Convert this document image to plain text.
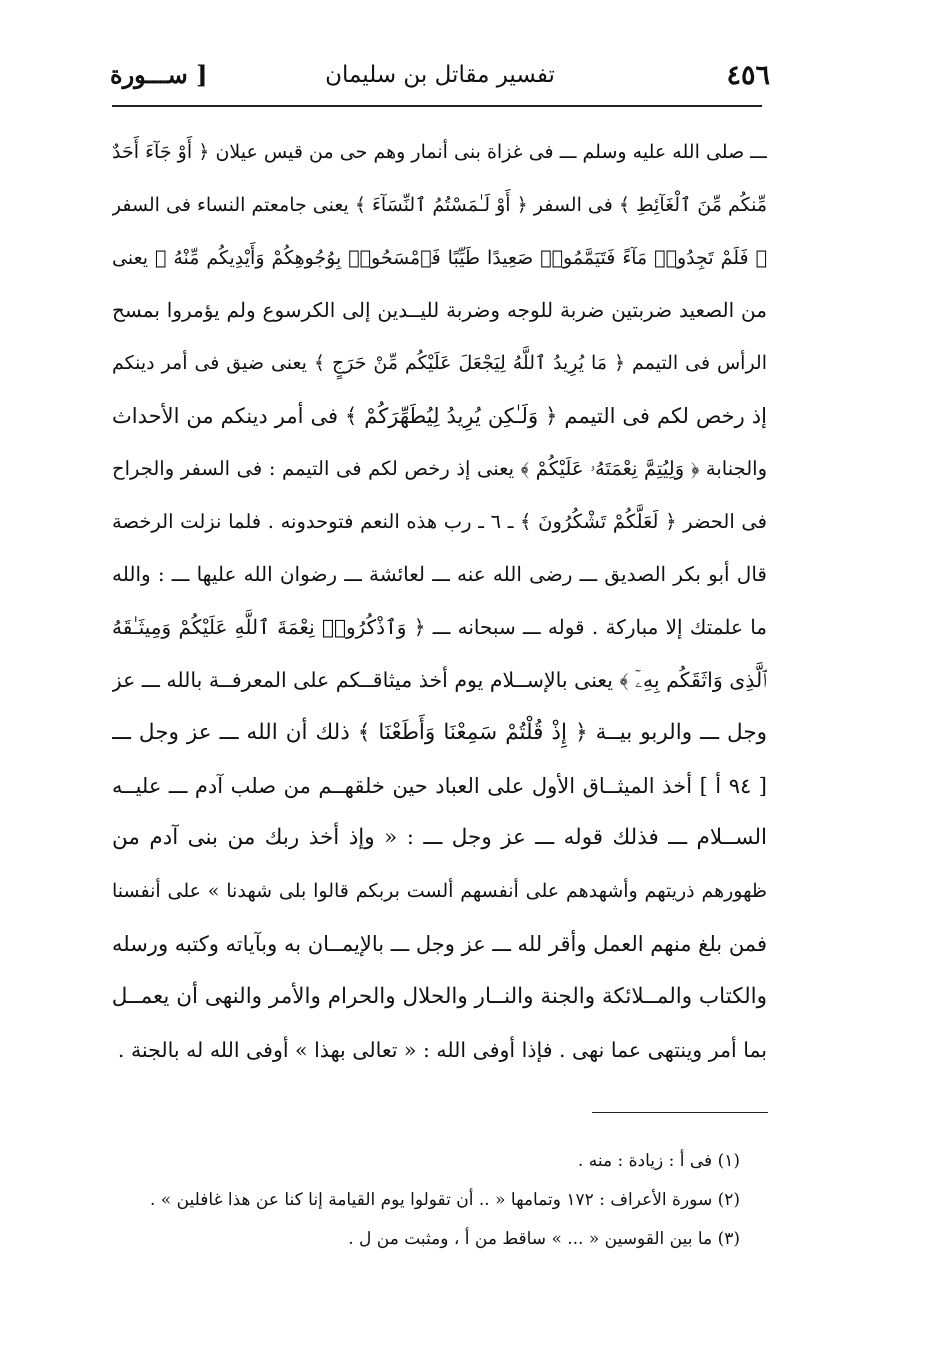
٤٥٦
تفسير مقاتل بن سليمان
[ ســـورة
ـــ صلى الله عليه وسلم ـــ فى غزاة بنى أنمار وهم حى من قيس عيلان ﴿ أَوْ جَآءَ أَحَدٌ
مِّنكُم مِّنَ ٱلْغَآئِطِ ﴾ فى السفر ﴿ أَوْ لَـٰمَسْتُمُ ٱلنِّسَآءَ ﴾ يعنى جامعتم النساء فى السفر
﴿ فَلَمْ تَجِدُوا۟ مَآءً فَتَيَمَّمُوا۟ صَعِيدًا طَيِّبًا فَٱمْسَحُوا۟ بِوُجُوهِكُمْ وَأَيْدِيكُم مِّنْهُ ﴾ يعنى
من الصعيد ضربتين ضربة للوجه وضربة لليــدين إلى الكرسوع ولم يؤمروا بمسح
الرأس فى التيمم ﴿ مَا يُرِيدُ ٱللَّهُ لِيَجْعَلَ عَلَيْكُم مِّنْ حَرَجٍ ﴾ يعنى ضيق فى أمر دينكم
إذ رخص لكم فى التيمم ﴿ وَلَـٰكِن يُرِيدُ لِيُطَهِّرَكُمْ ﴾ فى أمر دينكم من الأحداث
والجنابة ﴿ وَلِيُتِمَّ نِعْمَتَهُۥ عَلَيْكُمْ ﴾ يعنى إذ رخص لكم فى التيمم : فى السفر والجراح
فى الحضر ﴿ لَعَلَّكُمْ تَشْكُرُونَ ﴾ ـ ٦ ـ رب هذه النعم فتوحدونه . فلما نزلت الرخصة
قال أبو بكر الصديق ـــ رضى الله عنه ـــ لعائشة ـــ رضوان الله عليها ـــ : والله
ما علمتك إلا مباركة . قوله ـــ سبحانه ـــ ﴿ وَٱذْكُرُوا۟ نِعْمَةَ ٱللَّهِ عَلَيْكُمْ وَمِيثَـٰقَهُ
ٱلَّذِى وَاثَقَكُم بِهِۦٓ ﴾ يعنى بالإســلام يوم أخذ ميثاقــكم على المعرفــة بالله ـــ عز
وجل ـــ والربو بيــة ﴿ إِذْ قُلْتُمْ سَمِعْنَا وَأَطَعْنَا ﴾ ذلك أن الله ـــ عز وجل ـــ
[ ٩٤ أ ] أخذ الميثــاق الأول على العباد حين خلقهــم من صلب آدم ـــ عليــه
الســلام ـــ فذلك قوله ـــ عز وجل ـــ : « وإذ أخذ ربك من بنى آدم من
ظهورهم ذريتهم وأشهدهم على أنفسهم ألست بربكم قالوا بلى شهدنا » على أنفسنا
فمن بلغ منهم العمل وأقر لله ـــ عز وجل ـــ بالإيمــان به وبآياته وكتبه ورسله
والكتاب والمــلائكة والجنة والنــار والحلال والحرام والأمر والنهى أن يعمــل
بما أمر وينتهى عما نهى . فإذا أوفى الله : « تعالى بهذا » أوفى الله له بالجنة .
(١) فى أ : زيادة : منه .
(٢) سورة الأعراف : ١٧٢ وتمامها « .. أن تقولوا يوم القيامة إنا كنا عن هذا غافلين » .
(٣) ما بين القوسين « ... » ساقط من أ ، ومثبت من ل .
